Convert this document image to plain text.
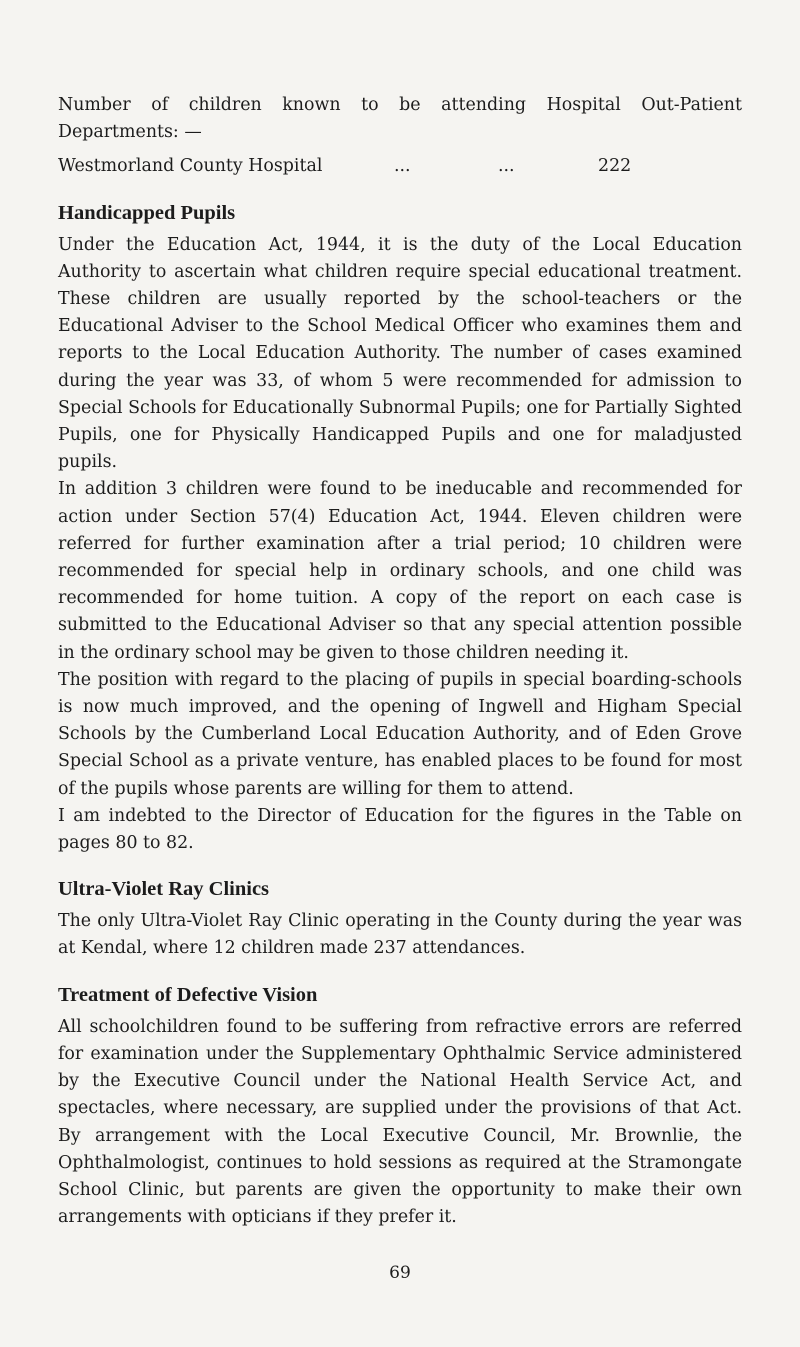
Number of children known to be attending Hospital Out-Patient Departments: —

Westmorland County Hospital	...	...	222
Handicapped Pupils

Under the Education Act, 1944, it is the duty of the Local Education Authority to ascertain what children require special educational treatment. These children are usually reported by the school-teachers or the Educational Adviser to the School Medical Officer who examines them and reports to the Local Education Authority. The number of cases examined during the year was 33, of whom 5 were recommended for admission to Special Schools for Educationally Subnormal Pupils; one for Partially Sighted Pupils, one for Physically Handicapped Pupils and one for maladjusted pupils.

In addition 3 children were found to be ineducable and recommended for action under Section 57(4) Education Act, 1944. Eleven children were referred for further examination after a trial period; 10 children were recommended for special help in ordinary schools, and one child was recommended for home tuition. A copy of the report on each case is submitted to the Educational Adviser so that any special attention possible in the ordinary school may be given to those children needing it.

The position with regard to the placing of pupils in special boarding-schools is now much improved, and the opening of Ingwell and Higham Special Schools by the Cumberland Local Education Authority, and of Eden Grove Special School as a private venture, has enabled places to be found for most of the pupils whose parents are willing for them to attend.

I am indebted to the Director of Education for the figures in the Table on pages 80 to 82.

Ultra-Violet Ray Clinics

The only Ultra-Violet Ray Clinic operating in the County during the year was at Kendal, where 12 children made 237 attendances.

Treatment of Defective Vision

All schoolchildren found to be suffering from refractive errors are referred for examination under the Supplementary Ophthalmic Service administered by the Executive Council under the National Health Service Act, and spectacles, where necessary, are supplied under the provisions of that Act. By arrangement with the Local Executive Council, Mr. Brownlie, the Ophthalmologist, continues to hold sessions as required at the Stramongate School Clinic, but parents are given the opportunity to make their own arrangements with opticians if they prefer it.

69
